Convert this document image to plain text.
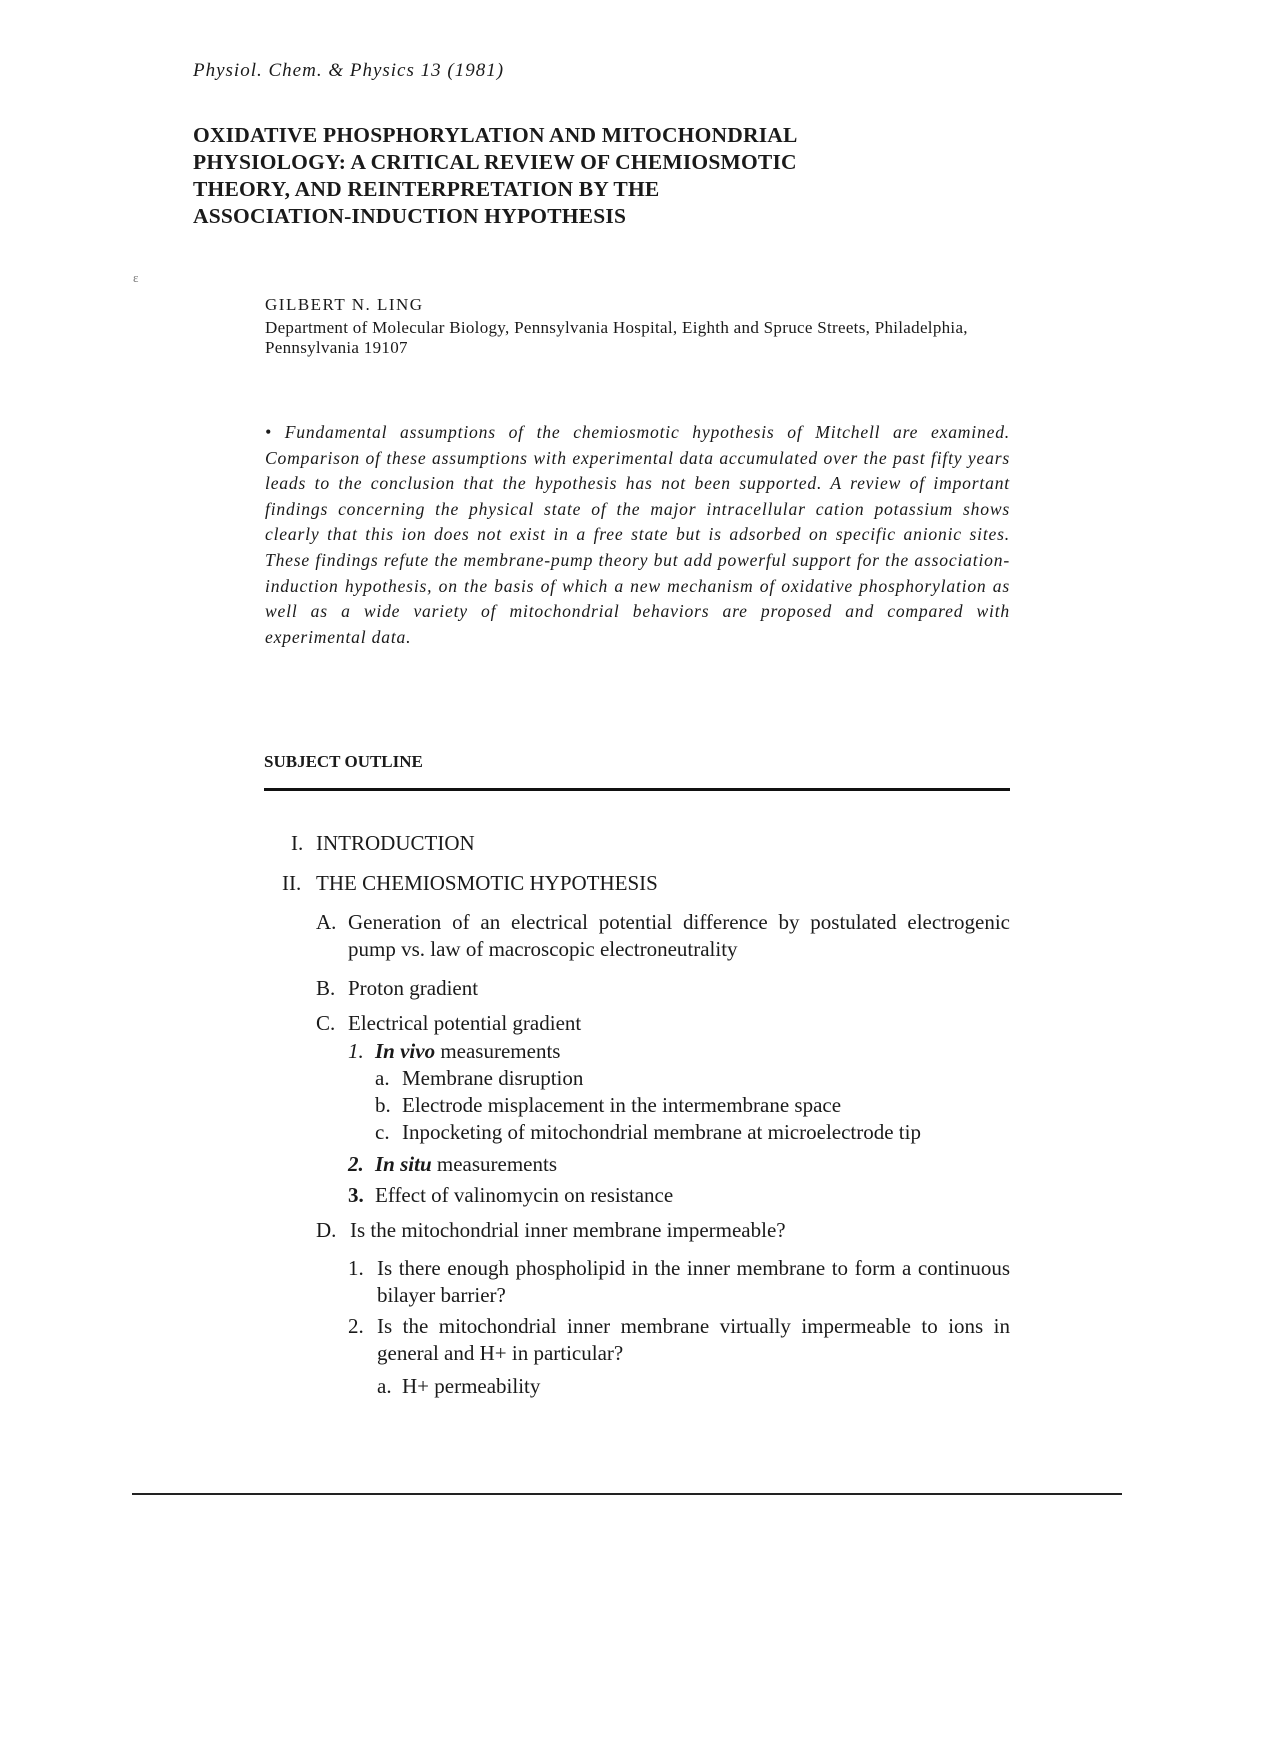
Physiol. Chem. & Physics 13 (1981)
OXIDATIVE PHOSPHORYLATION AND MITOCHONDRIAL
PHYSIOLOGY: A CRITICAL REVIEW OF CHEMIOSMOTIC
THEORY, AND REINTERPRETATION BY THE
ASSOCIATION-INDUCTION HYPOTHESIS
ε
GILBERT N. LING
Department of Molecular Biology, Pennsylvania Hospital, Eighth and Spruce Streets, Philadelphia, Pennsylvania 19107
• Fundamental assumptions of the chemiosmotic hypothesis of Mitchell are examined. Comparison of these assumptions with experimental data accumulated over the past fifty years leads to the conclusion that the hypothesis has not been supported. A review of important findings concerning the physical state of the major intracellular cation potassium shows clearly that this ion does not exist in a free state but is adsorbed on specific anionic sites. These findings refute the membrane-pump theory but add powerful support for the association-induction hypothesis, on the basis of which a new mechanism of oxidative phosphorylation as well as a wide variety of mitochondrial behaviors are proposed and compared with experimental data.
SUBJECT OUTLINE
I. INTRODUCTION
II. THE CHEMIOSMOTIC HYPOTHESIS
A. Generation of an electrical potential difference by postulated electrogenic pump vs. law of macroscopic electroneutrality
B. Proton gradient
C. Electrical potential gradient
1. In vivo measurements
a. Membrane disruption
b. Electrode misplacement in the intermembrane space
c. Inpocketing of mitochondrial membrane at microelectrode tip
2. In situ measurements
3. Effect of valinomycin on resistance
D. Is the mitochondrial inner membrane impermeable?
1. Is there enough phospholipid in the inner membrane to form a continuous bilayer barrier?
2. Is the mitochondrial inner membrane virtually impermeable to ions in general and H+ in particular?
a. H+ permeability
